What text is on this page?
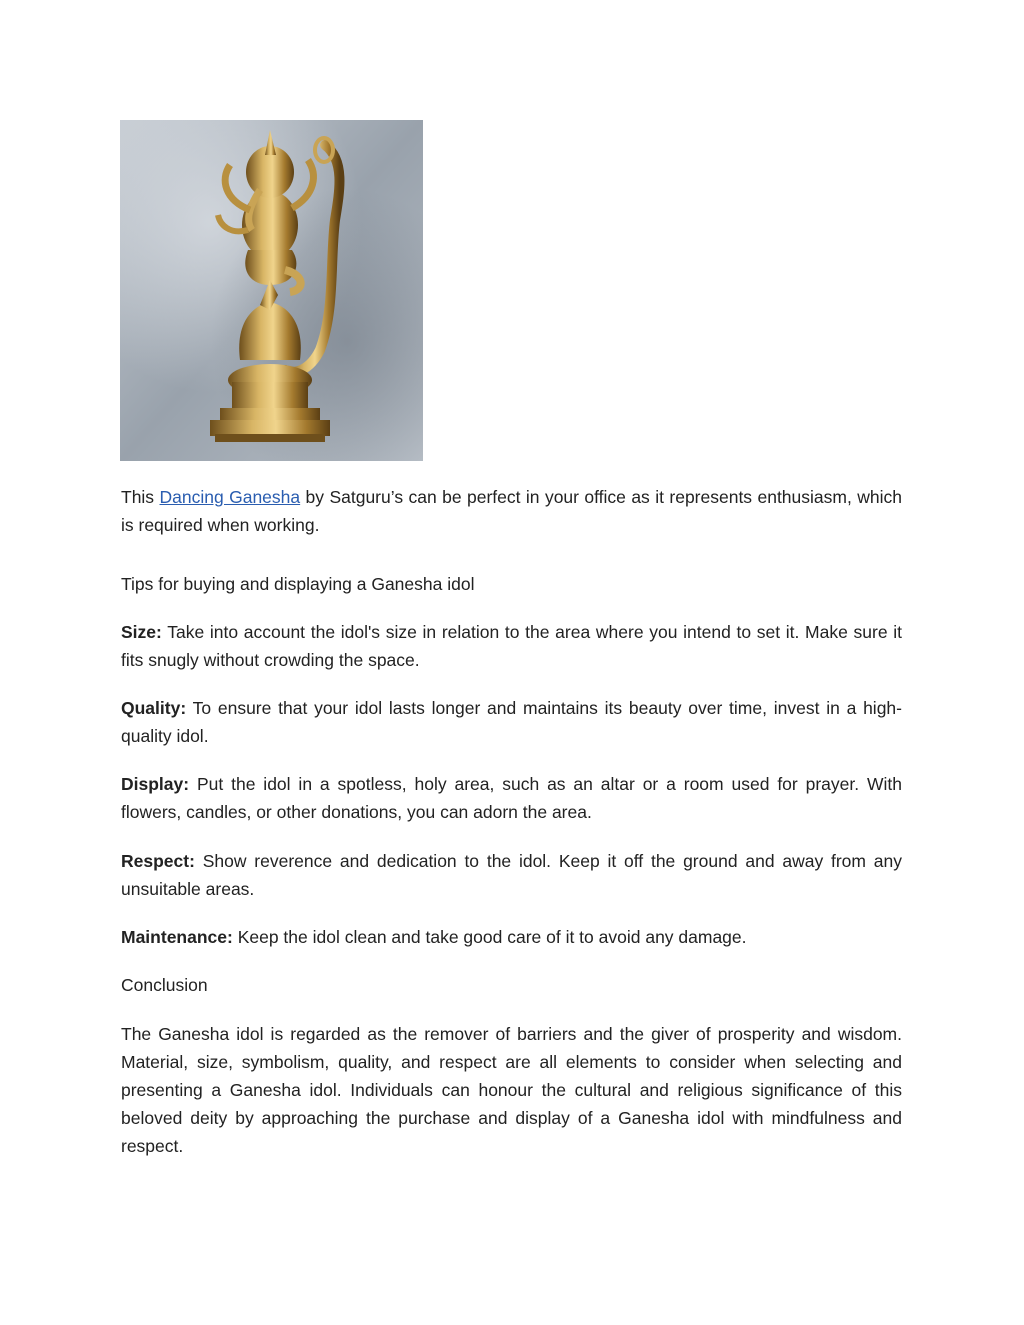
This Dancing Ganesha by Satguru’s can be perfect in your office as it represents enthusiasm, which is required when working.

Tips for buying and displaying a Ganesha idol

Size: Take into account the idol's size in relation to the area where you intend to set it. Make sure it fits snugly without crowding the space.

Quality: To ensure that your idol lasts longer and maintains its beauty over time, invest in a high-quality idol.

Display: Put the idol in a spotless, holy area, such as an altar or a room used for prayer. With flowers, candles, or other donations, you can adorn the area.

Respect: Show reverence and dedication to the idol. Keep it off the ground and away from any unsuitable areas.

Maintenance: Keep the idol clean and take good care of it to avoid any damage.

Conclusion

The Ganesha idol is regarded as the remover of barriers and the giver of prosperity and wisdom. Material, size, symbolism, quality, and respect are all elements to consider when selecting and presenting a Ganesha idol. Individuals can honour the cultural and religious significance of this beloved deity by approaching the purchase and display of a Ganesha idol with mindfulness and respect.
